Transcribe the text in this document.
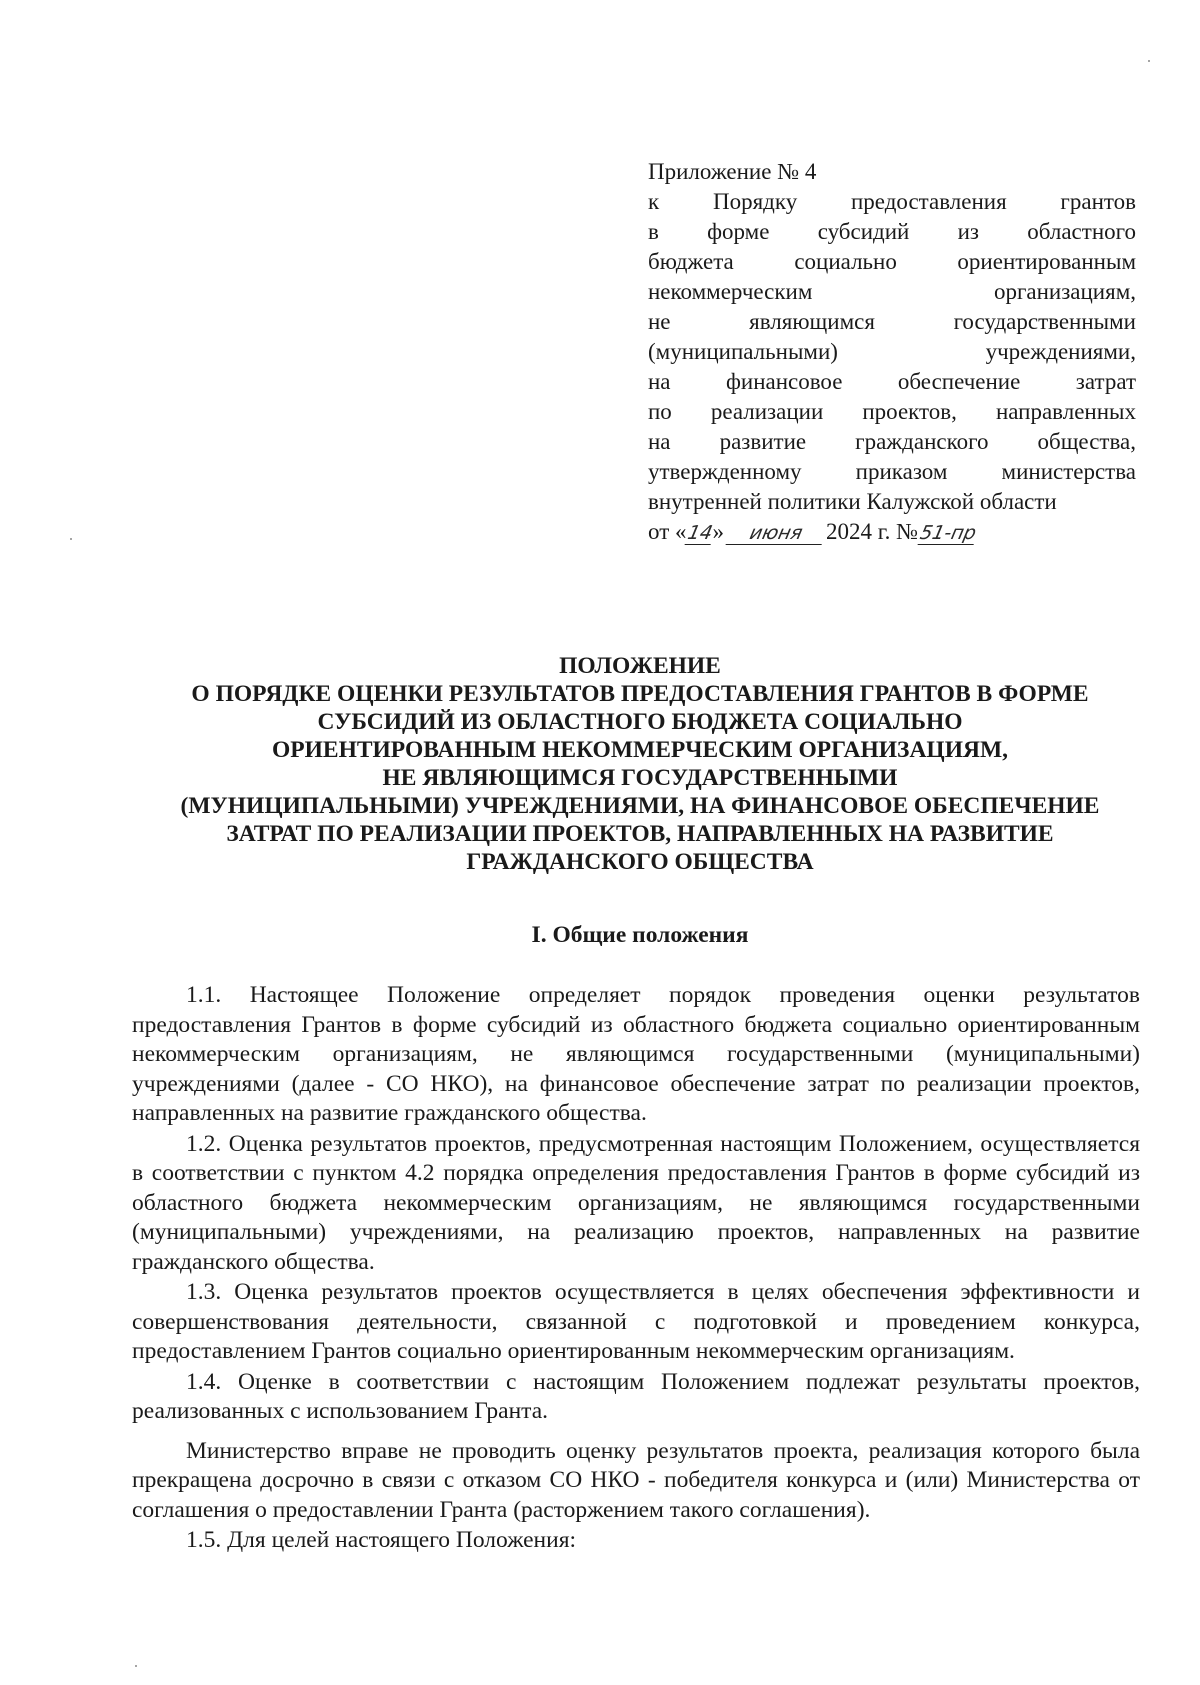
Приложение № 4
к Порядку предоставления грантов
в форме субсидий из областного
бюджета социально ориентированным
некоммерческим организациям,
не являющимся государственными
(муниципальными) учреждениями,
на финансовое обеспечение затрат
по реализации проектов, направленных
на развитие гражданского общества,
утвержденному приказом министерства
внутренней политики Калужской области
от «
14
»	июня 2024 г. № 51-пр
ПОЛОЖЕНИЕ
О ПОРЯДКЕ ОЦЕНКИ РЕЗУЛЬТАТОВ ПРЕДОСТАВЛЕНИЯ ГРАНТОВ В ФОРМЕ
СУБСИДИЙ ИЗ ОБЛАСТНОГО БЮДЖЕТА СОЦИАЛЬНО
ОРИЕНТИРОВАННЫМ НЕКОММЕРЧЕСКИМ ОРГАНИЗАЦИЯМ,
НЕ ЯВЛЯЮЩИМСЯ ГОСУДАРСТВЕННЫМИ
(МУНИЦИПАЛЬНЫМИ) УЧРЕЖДЕНИЯМИ, НА ФИНАНСОВОЕ ОБЕСПЕЧЕНИЕ
ЗАТРАТ ПО РЕАЛИЗАЦИИ ПРОЕКТОВ, НАПРАВЛЕННЫХ НА РАЗВИТИЕ
ГРАЖДАНСКОГО ОБЩЕСТВА
I. Общие положения

1.1. Настоящее Положение определяет порядок проведения оценки результатов предоставления Грантов в форме субсидий из областного бюджета социально ориентированным некоммерческим организациям, не являющимся государственными (муниципальными) учреждениями (далее - СО НКО), на финансовое обеспечение затрат по реализации проектов, направленных на развитие гражданского общества.

1.2. Оценка результатов проектов, предусмотренная настоящим Положением, осуществляется в соответствии с пунктом 4.2 порядка определения предоставления Грантов в форме субсидий из областного бюджета некоммерческим организациям, не являющимся государственными (муниципальными) учреждениями, на реализацию проектов, направленных на развитие гражданского общества.

1.3. Оценка результатов проектов осуществляется в целях обеспечения эффективности и совершенствования деятельности, связанной с подготовкой и проведением конкурса, предоставлением Грантов социально ориентированным некоммерческим организациям.

1.4. Оценке в соответствии с настоящим Положением подлежат результаты проектов, реализованных с использованием Гранта.

Министерство вправе не проводить оценку результатов проекта, реализация которого была прекращена досрочно в связи с отказом СО НКО - победителя конкурса и (или) Министерства от соглашения о предоставлении Гранта (расторжением такого соглашения).

1.5. Для целей настоящего Положения:
